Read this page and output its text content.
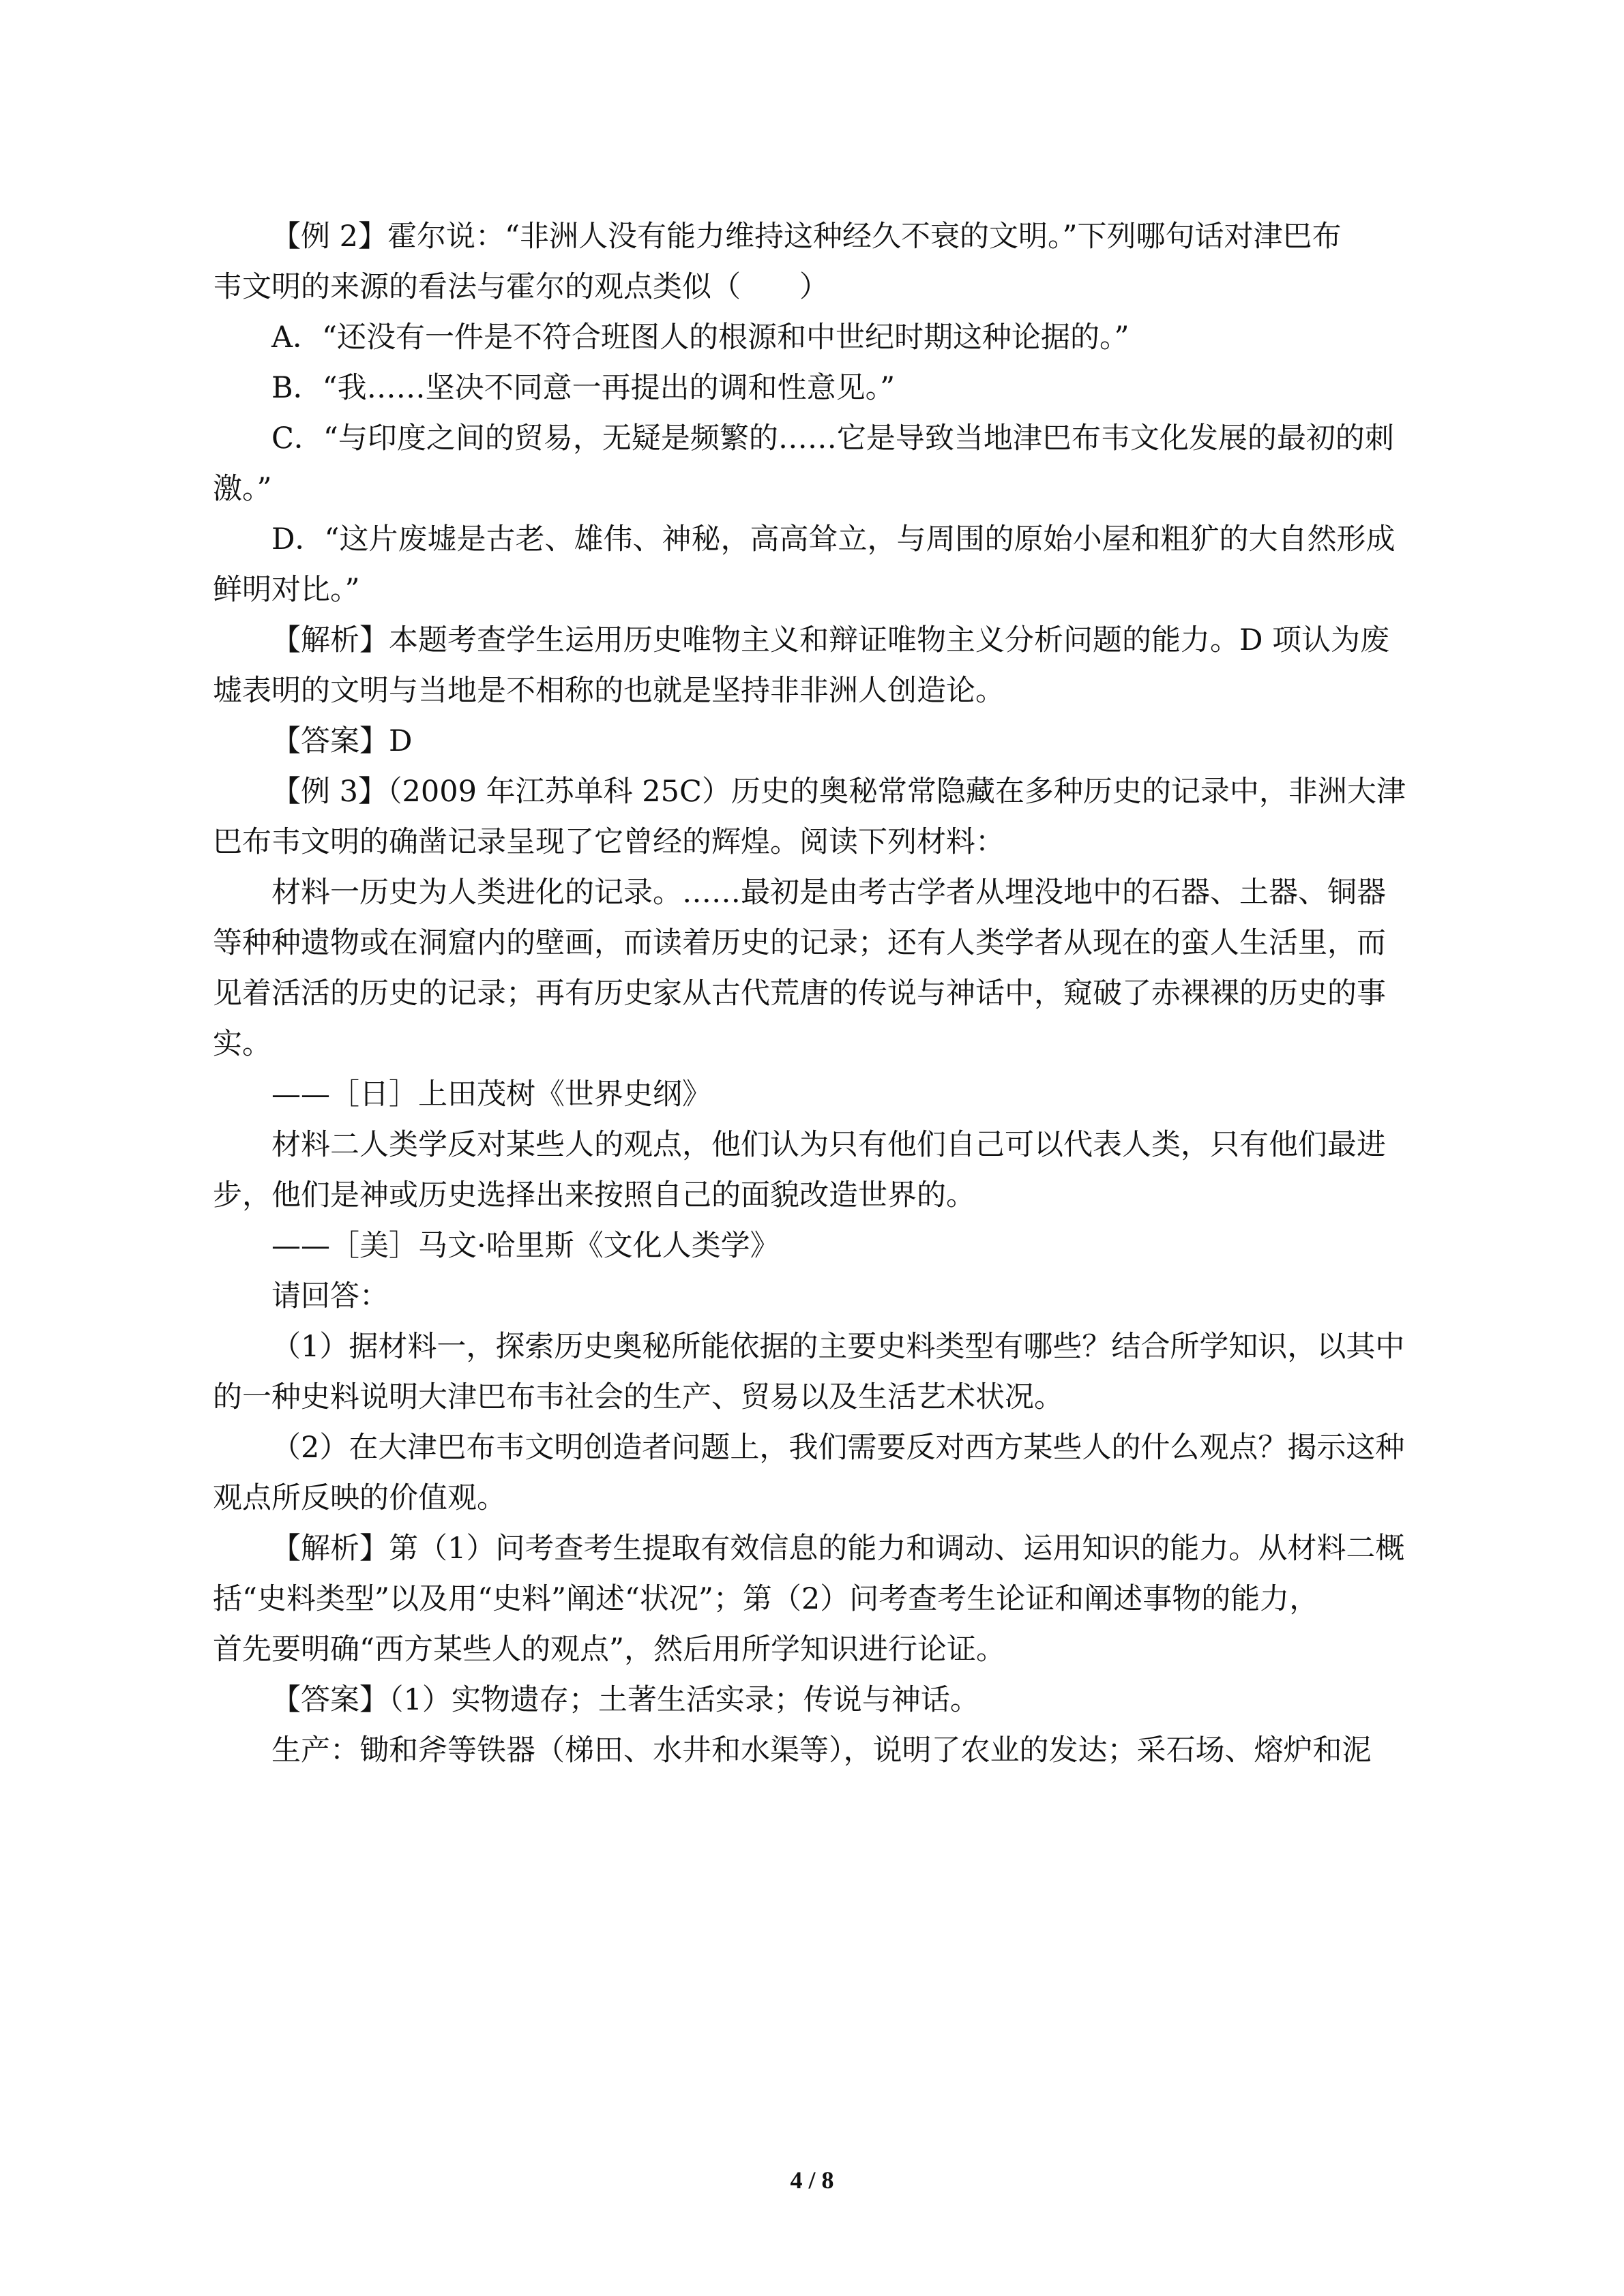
【例 2】霍尔说：“非洲人没有能力维持这种经久不衰的文明。”下列哪句话对津巴布

韦文明的来源的看法与霍尔的观点类似（　　）

A．“还没有一件是不符合班图人的根源和中世纪时期这种论据的。”

B．“我……坚决不同意一再提出的调和性意见。”

C．“与印度之间的贸易，无疑是频繁的……它是导致当地津巴布韦文化发展的最初的刺

激。”

D．“这片废墟是古老、雄伟、神秘，高高耸立，与周围的原始小屋和粗犷的大自然形成

鲜明对比。”

【解析】本题考查学生运用历史唯物主义和辩证唯物主义分析问题的能力。D 项认为废

墟表明的文明与当地是不相称的也就是坚持非非洲人创造论。

【答案】D

【例 3】（2009 年江苏单科 25C）历史的奥秘常常隐藏在多种历史的记录中，非洲大津

巴布韦文明的确凿记录呈现了它曾经的辉煌。阅读下列材料：

材料一历史为人类进化的记录。……最初是由考古学者从埋没地中的石器、土器、铜器

等种种遗物或在洞窟内的壁画，而读着历史的记录；还有人类学者从现在的蛮人生活里，而

见着活活的历史的记录；再有历史家从古代荒唐的传说与神话中，窥破了赤裸裸的历史的事

实。

——［日］上田茂树《世界史纲》

材料二人类学反对某些人的观点，他们认为只有他们自己可以代表人类，只有他们最进

步，他们是神或历史选择出来按照自己的面貌改造世界的。

——［美］马文·哈里斯《文化人类学》

请回答：

（1）据材料一，探索历史奥秘所能依据的主要史料类型有哪些？结合所学知识，以其中

的一种史料说明大津巴布韦社会的生产、贸易以及生活艺术状况。

（2）在大津巴布韦文明创造者问题上，我们需要反对西方某些人的什么观点？揭示这种

观点所反映的价值观。

【解析】第（1）问考查考生提取有效信息的能力和调动、运用知识的能力。从材料二概

括“史料类型”以及用“史料”阐述“状况”；第（2）问考查考生论证和阐述事物的能力，

首先要明确“西方某些人的观点”，然后用所学知识进行论证。

【答案】（1）实物遗存；土著生活实录；传说与神话。

生产：锄和斧等铁器（梯田、水井和水渠等），说明了农业的发达；采石场、熔炉和泥

4 / 8
